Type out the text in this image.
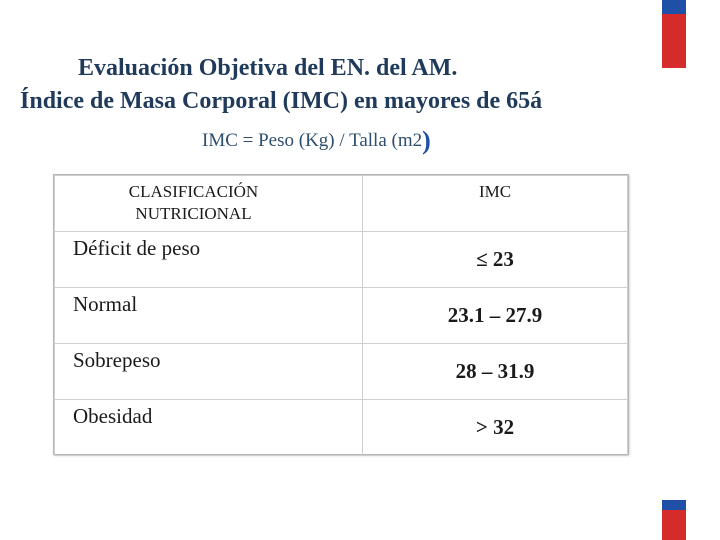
Evaluación Objetiva del EN. del AM.
Índice de Masa Corporal (IMC) en mayores de 65á
IMC = Peso (Kg) / Talla (m2)
CLASIFICACIÓN NUTRICIONAL	IMC
Déficit de peso	≤ 23
Normal	23.1 – 27.9
Sobrepeso	28 – 31.9
Obesidad	> 32
